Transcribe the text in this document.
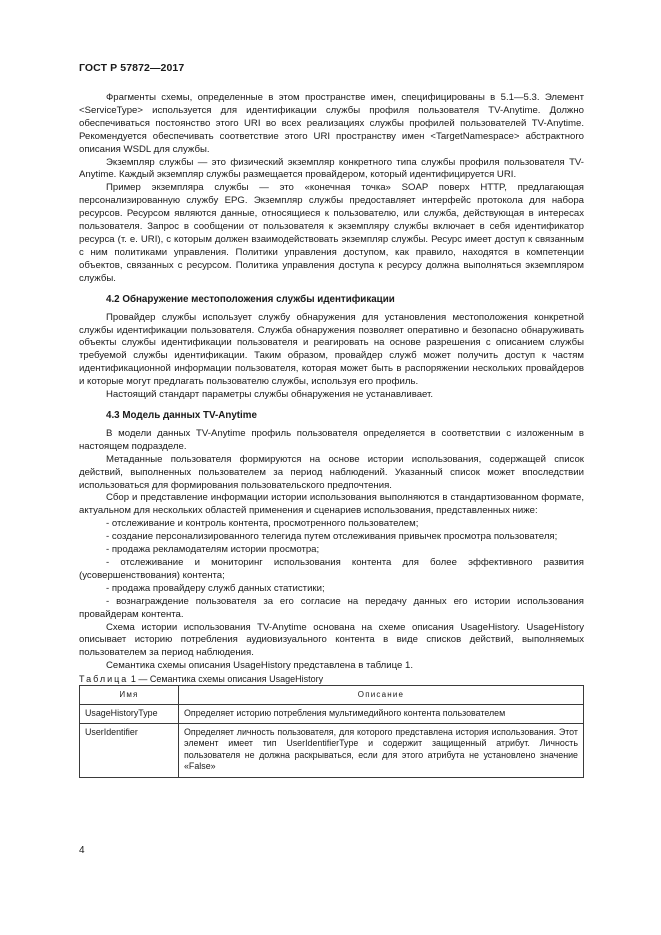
ГОСТ Р 57872—2017

Фрагменты схемы, определенные в этом пространстве имен, специфицированы в 5.1—5.3. Элемент <ServiceType> используется для идентификации службы профиля пользователя TV-Anytime. Должно обеспечиваться постоянство этого URI во всех реализациях службы профилей пользователей TV-Anytime. Рекомендуется обеспечивать соответствие этого URI пространству имен <TargetNamespace> абстрактного описания WSDL для службы.

Экземпляр службы — это физический экземпляр конкретного типа службы профиля пользователя TV-Anytime. Каждый экземпляр службы размещается провайдером, который идентифицируется URI.

Пример экземпляра службы — это «конечная точка» SOAP поверх HTTP, предлагающая персонализированную службу EPG. Экземпляр службы предоставляет интерфейс протокола для набора ресурсов. Ресурсом являются данные, относящиеся к пользователю, или служба, действующая в интересах пользователя. Запрос в сообщении от пользователя к экземпляру службы включает в себя идентификатор ресурса (т. е. URI), с которым должен взаимодействовать экземпляр службы. Ресурс имеет доступ к связанным с ним политиками управления. Политики управления доступом, как правило, находятся в компетенции объектов, связанных с ресурсом. Политика управления доступа к ресурсу должна выполняться экземпляром службы.

4.2 Обнаружение местоположения службы идентификации

Провайдер службы использует службу обнаружения для установления местоположения конкретной службы идентификации пользователя. Служба обнаружения позволяет оперативно и безопасно обнаруживать объекты службы идентификации пользователя и реагировать на основе разрешения с описанием службы требуемой службы идентификации. Таким образом, провайдер служб может получить доступ к частям идентификационной информации пользователя, которая может быть в распоряжении нескольких провайдеров и которые могут предлагать пользователю службы, используя его профиль.

Настоящий стандарт параметры службы обнаружения не устанавливает.

4.3 Модель данных TV-Anytime

В модели данных TV-Anytime профиль пользователя определяется в соответствии с изложенным в настоящем подразделе.

Метаданные пользователя формируются на основе истории использования, содержащей список действий, выполненных пользователем за период наблюдений. Указанный список может впоследствии использоваться для формирования пользовательского предпочтения.

Сбор и представление информации истории использования выполняются в стандартизованном формате, актуальном для нескольких областей применения и сценариев использования, представленных ниже:

- отслеживание и контроль контента, просмотренного пользователем;

- создание персонализированного телегида путем отслеживания привычек просмотра пользователя;

- продажа рекламодателям истории просмотра;

- отслеживание и мониторинг использования контента для более эффективного развития (усовершенствования) контента;

- продажа провайдеру служб данных статистики;

- вознаграждение пользователя за его согласие на передачу данных его истории использования провайдерам контента.

Схема истории использования TV-Anytime основана на схеме описания UsageHistory. UsageHistory описывает историю потребления аудиовизуального контента в виде списков действий, выполняемых пользователем за период наблюдения.

Семантика схемы описания UsageHistory представлена в таблице 1.

Таблица 1 — Семантика схемы описания UsageHistory

Имя	Описание
UsageHistoryType	Определяет историю потребления мультимедийного контента пользователем
UserIdentifier	Определяет личность пользователя, для которого представлена история использования. Этот элемент имеет тип UserIdentifierType и содержит защищенный атрибут. Личность пользователя не должна раскрываться, если для этого атрибута не установлено значение «False»
4
